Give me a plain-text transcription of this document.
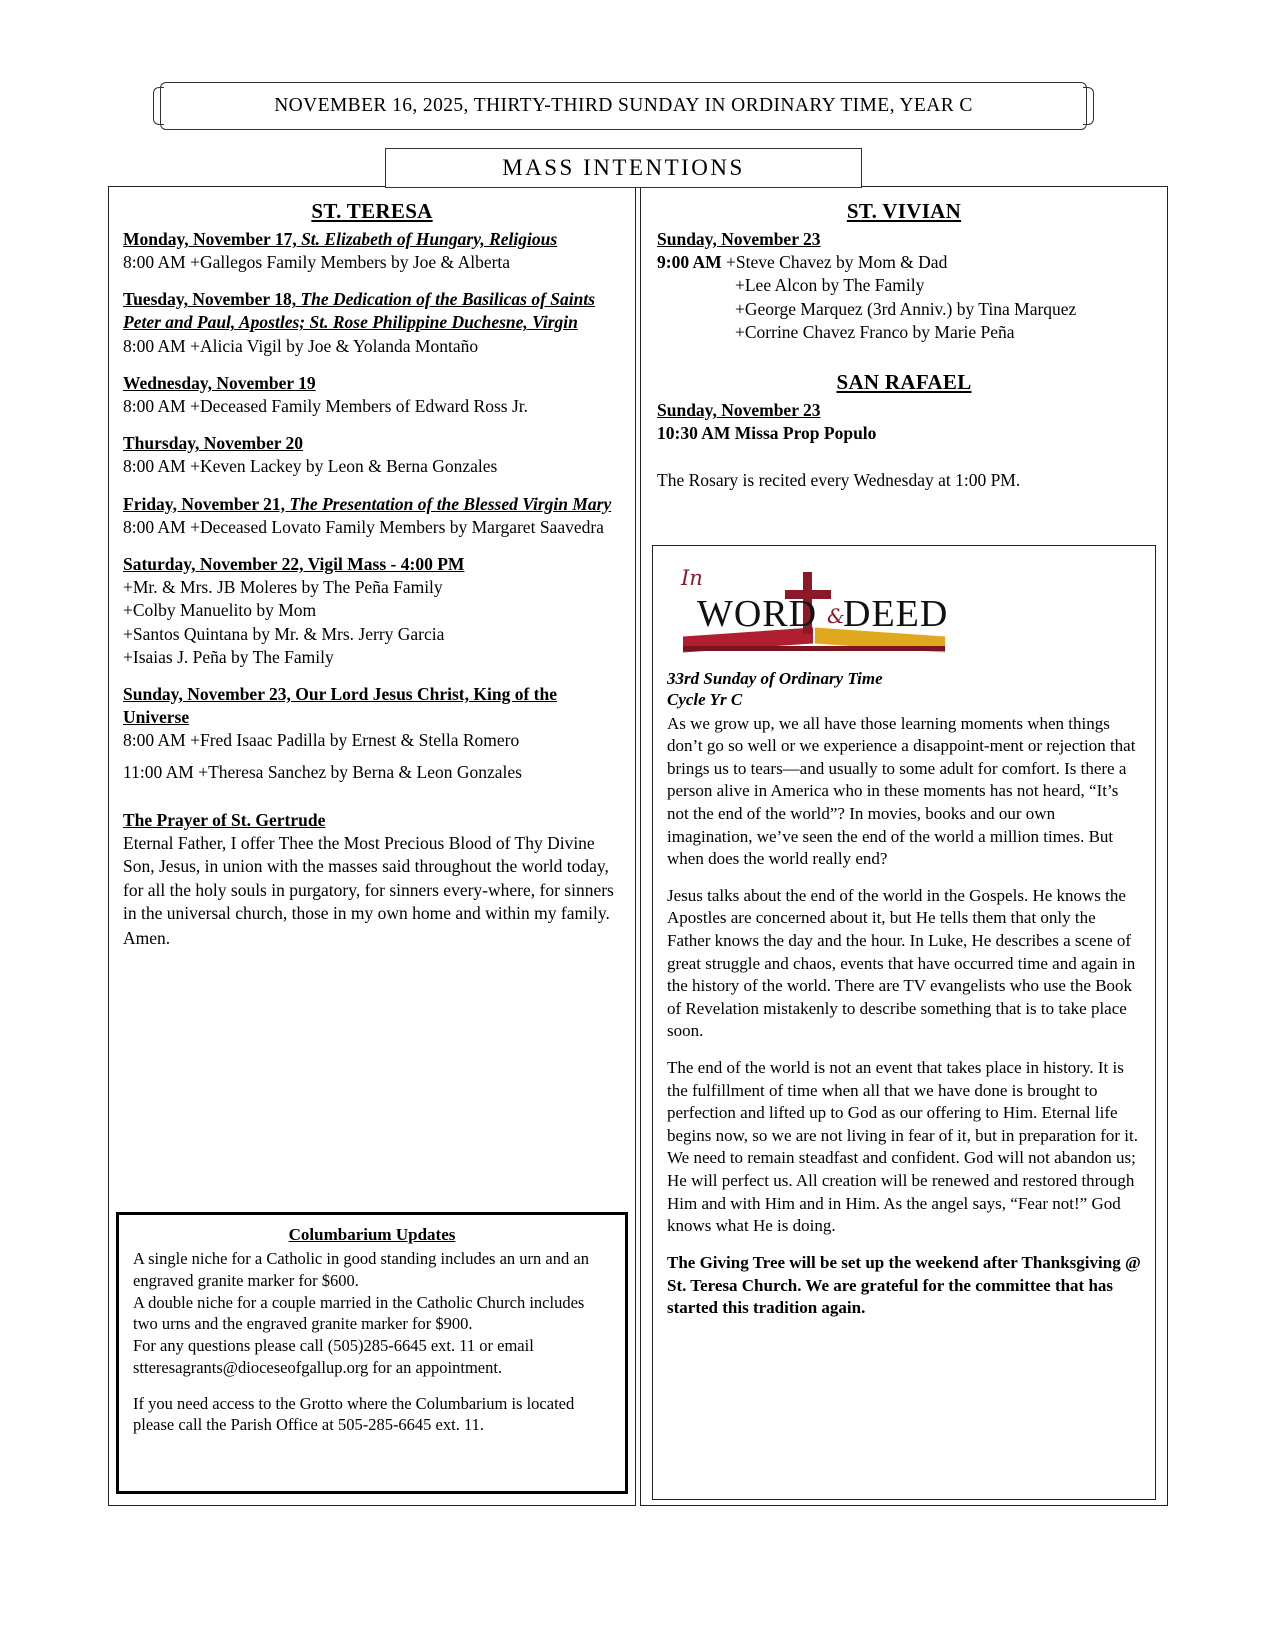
NOVEMBER 16, 2025, THIRTY-THIRD SUNDAY IN ORDINARY TIME, YEAR C
MASS INTENTIONS
ST. TERESA
Monday, November 17, St. Elizabeth of Hungary, Religious
8:00 AM +Gallegos Family Members by Joe & Alberta
Tuesday, November 18, The Dedication of the Basilicas of Saints Peter and Paul, Apostles; St. Rose Philippine Duchesne, Virgin
8:00 AM +Alicia Vigil by Joe & Yolanda Montaño
Wednesday, November 19
8:00 AM +Deceased Family Members of Edward Ross Jr.
Thursday, November 20
8:00 AM +Keven Lackey by Leon & Berna Gonzales
Friday, November 21, The Presentation of the Blessed Virgin Mary
8:00 AM +Deceased Lovato Family Members by Margaret Saavedra
Saturday, November 22, Vigil Mass - 4:00 PM
+Mr. & Mrs. JB Moleres by The Peña Family
+Colby Manuelito by Mom
+Santos Quintana by Mr. & Mrs. Jerry Garcia
+Isaias J. Peña by The Family
Sunday, November 23, Our Lord Jesus Christ, King of the Universe
8:00 AM +Fred Isaac Padilla by Ernest & Stella Romero

11:00 AM +Theresa Sanchez by Berna & Leon Gonzales
The Prayer of St. Gertrude
Eternal Father, I offer Thee the Most Precious Blood of Thy Divine Son, Jesus, in union with the masses said throughout the world today, for all the holy souls in purgatory, for sinners every-where, for sinners in the universal church, those in my own home and within my family.
Amen.
Columbarium Updates

A single niche for a Catholic in good standing includes an urn and an engraved granite marker for $600.

A double niche for a couple married in the Catholic Church includes two urns and the engraved granite marker for $900.

For any questions please call (505)285-6645 ext. 11 or email stteresagrants@dioceseofgallup.org for an appointment.

If you need access to the Grotto where the Columbarium is located please call the Parish Office at 505-285-6645 ext. 11.

ST. VIVIAN
Sunday, November 23
9:00 AM +Steve Chavez by Mom & Dad
+Lee Alcon by The Family
+George Marquez (3rd Anniv.) by Tina Marquez
+Corrine Chavez Franco by Marie Peña
SAN RAFAEL
Sunday, November 23
10:30 AM Missa Prop Populo
The Rosary is recited every Wednesday at 1:00 PM.
In
WORD &
DEED
33rd Sunday of Ordinary Time
Cycle Yr C

As we grow up, we all have those learning moments when things don’t go so well or we experience a disappoint-ment or rejection that brings us to tears—and usually to some adult for comfort. Is there a person alive in America who in these moments has not heard, “It’s not the end of the world”? In movies, books and our own imagination, we’ve seen the end of the world a million times. But when does the world really end?

Jesus talks about the end of the world in the Gospels. He knows the Apostles are concerned about it, but He tells them that only the Father knows the day and the hour. In Luke, He describes a scene of great struggle and chaos, events that have occurred time and again in the history of the world. There are TV evangelists who use the Book of Revelation mistakenly to describe something that is to take place soon.

The end of the world is not an event that takes place in history. It is the fulfillment of time when all that we have done is brought to perfection and lifted up to God as our offering to Him. Eternal life begins now, so we are not living in fear of it, but in preparation for it. We need to remain steadfast and confident. God will not abandon us; He will perfect us. All creation will be renewed and restored through Him and with Him and in Him. As the angel says, “Fear not!” God knows what He is doing.

The Giving Tree will be set up the weekend after Thanksgiving @ St. Teresa Church. We are grateful for the committee that has started this tradition again.
